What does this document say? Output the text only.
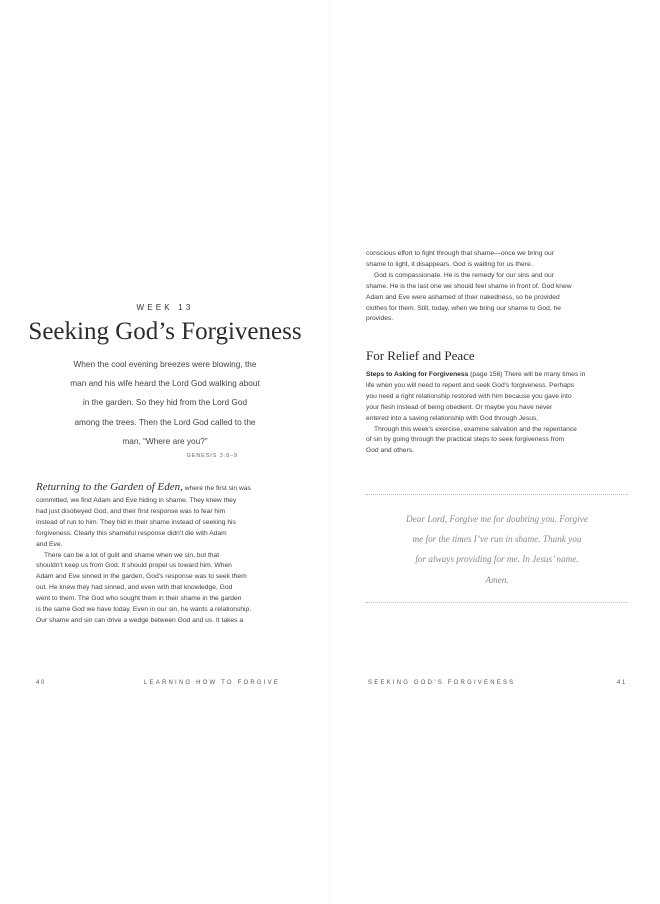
WEEK 13
Seeking God’s Forgiveness
When the cool evening breezes were blowing, the
man and his wife heard the Lord God walking about
in the garden. So they hid from the Lord God
among the trees. Then the Lord God called to the
man, “Where are you?”
GENESIS 3:8–9
Returning to the Garden of Eden, where the first sin was
committed, we find Adam and Eve hiding in shame. They knew they
had just disobeyed God, and their first response was to fear him
instead of run to him. They hid in their shame instead of seeking his
forgiveness. Clearly this shameful response didn’t die with Adam
and Eve.
There can be a lot of guilt and shame when we sin, but that
shouldn’t keep us from God. It should propel us toward him. When
Adam and Eve sinned in the garden, God’s response was to seek them
out. He knew they had sinned, and even with that knowledge, God
went to them. The God who sought them in their shame in the garden
is the same God we have today. Even in our sin, he wants a relationship.
Our shame and sin can drive a wedge between God and us. It takes a
40	LEARNING HOW TO FORGIVE
conscious effort to fight through that shame—once we bring our
shame to light, it disappears. God is waiting for us there.
God is compassionate. He is the remedy for our sins and our
shame. He is the last one we should feel shame in front of. God knew
Adam and Eve were ashamed of their nakedness, so he provided
clothes for them. Still, today, when we bring our shame to God, he
provides.
For Relief and Peace
Steps to Asking for Forgiveness (page 156) There will be many times in
life when you will need to repent and seek God’s forgiveness. Perhaps
you need a right relationship restored with him because you gave into
your flesh instead of being obedient. Or maybe you have never
entered into a saving relationship with God through Jesus.
Through this week’s exercise, examine salvation and the repentance
of sin by going through the practical steps to seek forgiveness from
God and others.
Dear Lord, Forgive me for doubting you. Forgive
me for the times I’ve run in shame. Thank you
for always providing for me. In Jesus’ name.
Amen.
SEEKING GOD’S FORGIVENESS	41
